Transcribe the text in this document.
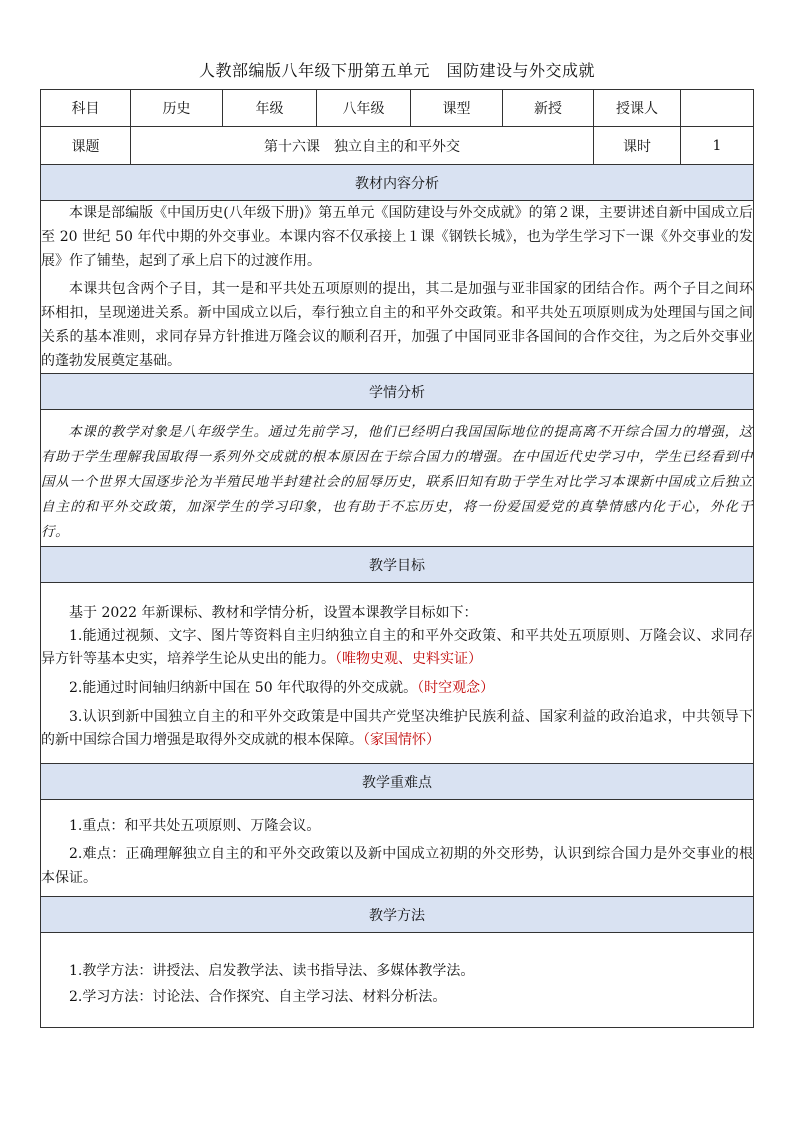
人教部编版八年级下册第五单元　国防建设与外交成就
科目	历史	年级	八年级	课型	新授	授课人	
课题	第十六课　独立自主的和平外交					课时	1
教材内容分析							

本课是部编版《中国历史(八年级下册)》第五单元《国防建设与外交成就》的第２课，主要讲述自新中国成立后至 20 世纪 50 年代中期的外交事业。本课内容不仅承接上１课《钢铁长城》，也为学生学习下一课《外交事业的发展》作了铺垫，起到了承上启下的过渡作用。

本课共包含两个子目，其一是和平共处五项原则的提出，其二是加强与亚非国家的团结合作。两个子目之间环环相扣，呈现递进关系。新中国成立以后，奉行独立自主的和平外交政策。和平共处五项原则成为处理国与国之间关系的基本准则，求同存异方针推进万隆会议的顺利召开，加强了中国同亚非各国间的合作交往，为之后外交事业的蓬勃发展奠定基础。							

学情分析							

本课的教学对象是八年级学生。通过先前学习，他们已经明白我国国际地位的提高离不开综合国力的增强，这有助于学生理解我国取得一系列外交成就的根本原因在于综合国力的增强。在中国近代史学习中，学生已经看到中国从一个世界大国逐步沦为半殖民地半封建社会的屈辱历史，联系旧知有助于学生对比学习本课新中国成立后独立自主的和平外交政策，加深学生的学习印象，也有助于不忘历史，将一份爱国爱党的真挚情感内化于心，外化于行。							

教学目标							

基于 2022 年新课标、教材和学情分析，设置本课教学目标如下：

1.能通过视频、文字、图片等资料自主归纳独立自主的和平外交政策、和平共处五项原则、万隆会议、求同存异方针等基本史实，培养学生论从史出的能力。（唯物史观、史料实证）

2.能通过时间轴归纳新中国在 50 年代取得的外交成就。（时空观念）

3.认识到新中国独立自主的和平外交政策是中国共产党坚决维护民族利益、国家利益的政治追求，中共领导下的新中国综合国力增强是取得外交成就的根本保障。（家国情怀）							

教学重难点							

1.重点：和平共处五项原则、万隆会议。

2.难点：正确理解独立自主的和平外交政策以及新中国成立初期的外交形势，认识到综合国力是外交事业的根本保证。							

教学方法							

1.教学方法：讲授法、启发教学法、读书指导法、多媒体教学法。

2.学习方法：讨论法、合作探究、自主学习法、材料分析法。							
